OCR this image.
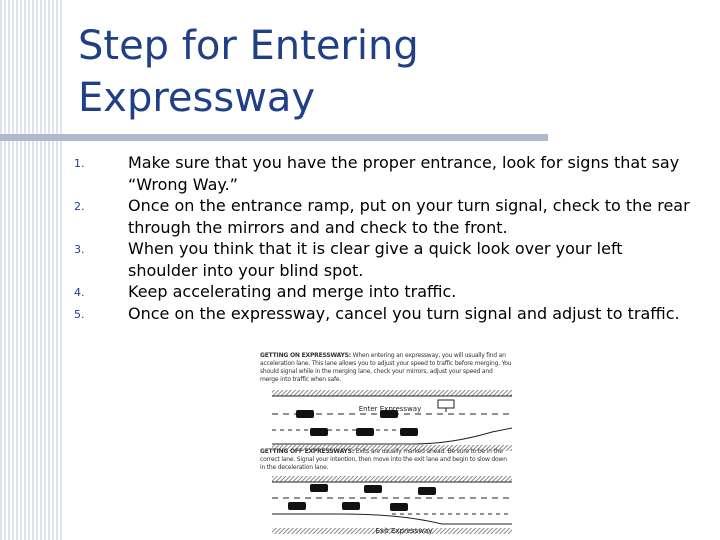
Step for Entering Expressway
1.	Make sure that you have the proper entrance, look for signs that say “Wrong Way.”
2.	Once on the entrance ramp, put on your turn signal, check to the rear through the mirrors and and check to the front.
3.	When you think that it is clear give a quick look over your left shoulder into your blind spot.
4.	Keep accelerating and merge into traffic.
5.	Once on the expressway, cancel you turn signal and adjust to traffic.
GETTING ON EXPRESSWAYS: When entering an expressway, you will usually find an acceleration lane. This lane allows you to adjust your speed to traffic before merging. You should signal while in the merging lane, check your mirrors, adjust your speed and merge into traffic when safe.
Enter Expressway
GETTING OFF EXPRESSWAYS: Exits are usually marked ahead. Be sure to be in the correct lane. Signal your intention, then move into the exit lane and begin to slow down in the deceleration lane.
Exit Expressway
